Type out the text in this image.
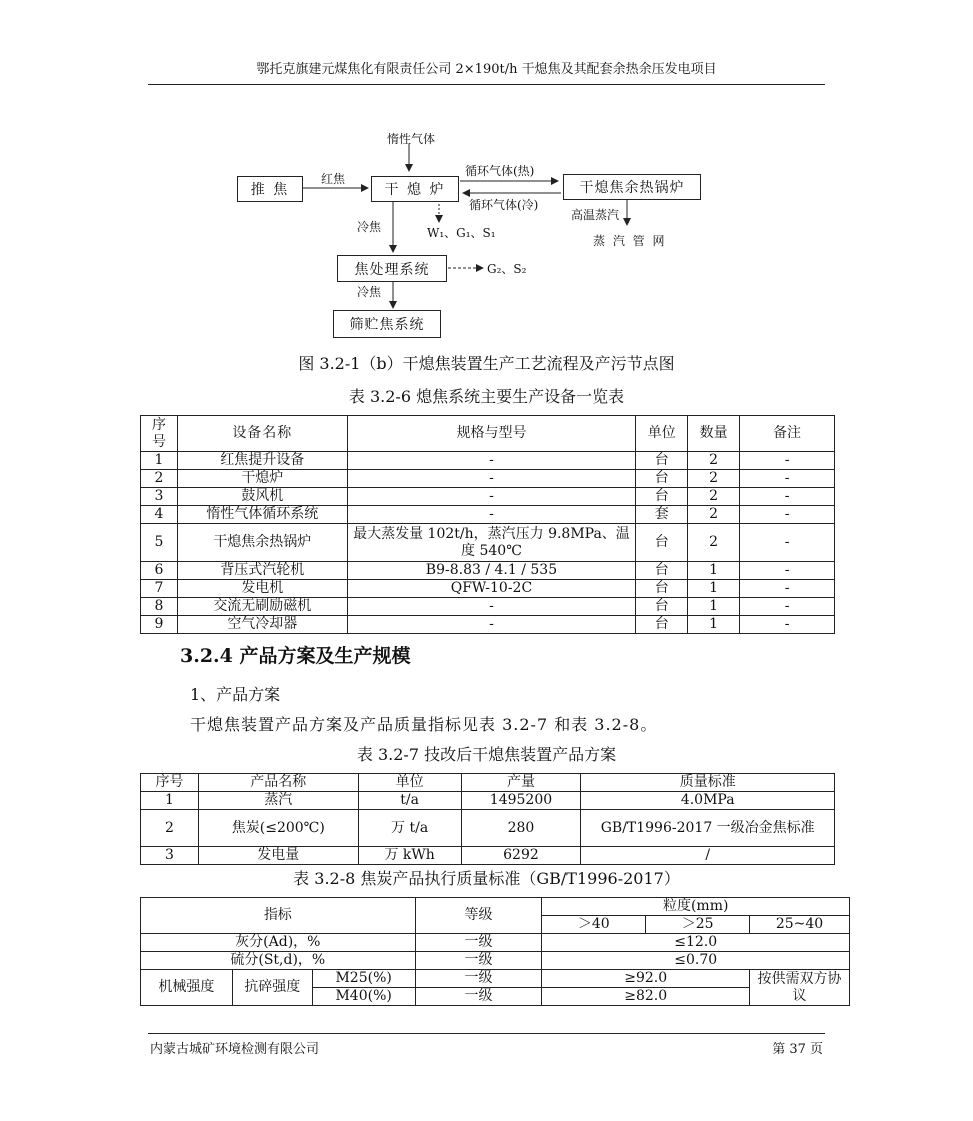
鄂托克旗建元煤焦化有限责任公司 2×190t/h 干熄焦及其配套余热余压发电项目
惰性气体
推 焦
红焦
干 熄 炉
循环气体(热)
循环气体(冷)
干熄焦余热锅炉
高温蒸汽
蒸 汽 管 网
冷焦	W₁、G₁、S₁
焦处理系统	G₂、S₂
冷焦
筛贮焦系统
图 3.2-1（b）干熄焦装置生产工艺流程及产污节点图
表 3.2-6 熄焦系统主要生产设备一览表
序号	设备名称	规格与型号	单位	数量	备注
1	红焦提升设备	-	台	2	-
2	干熄炉	-	台	2	-
3	鼓风机	-	台	2	-
4	惰性气体循环系统	-	套	2	-
5	干熄焦余热锅炉	最大蒸发量 102t/h，蒸汽压力 9.8MPa、温度 540℃	台	2	-
6	背压式汽轮机	B9-8.83 / 4.1 / 535	台	1	-
7	发电机	QFW-10-2C	台	1	-
8	交流无刷励磁机	-	台	1	-
9	空气冷却器	-	台	1	-
3.2.4 产品方案及生产规模
1、产品方案
干熄焦装置产品方案及产品质量指标见表 3.2-7 和表 3.2-8。
表 3.2-7 技改后干熄焦装置产品方案
序号	产品名称	单位	产量	质量标准
1	蒸汽	t/a	1495200	4.0MPa
2	焦炭(≤200℃)	万 t/a	280	GB/T1996-2017 一级冶金焦标准
3	发电量	万 kWh	6292	/
表 3.2-8 焦炭产品执行质量标准（GB/T1996-2017）
指标			等级	粒度(mm)		
				＞40	＞25	25~40
灰分(Ad)，%			一级	≤12.0		
硫分(St,d)，%			一级	≤0.70		
机械强度	抗碎强度	M25(%)	一级	≥92.0		按供需双方协议
		M40(%)	一级	≥82.0		
内蒙古城矿环境检测有限公司	第 37 页
